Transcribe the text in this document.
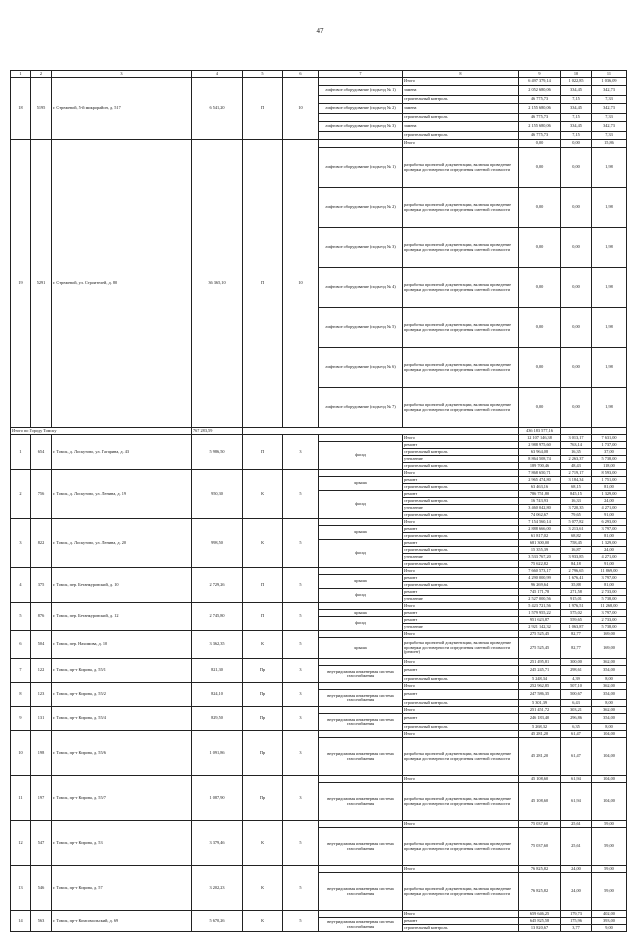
47
1	2	3	4	5	6	7	8	9	10	11
18	5195	г. Стрежевой, 5-й микрорайон, д. 517	6 541,20	П	10		Итого	6 497 379,14	1 022,85	1 036,09
						лифтовое оборудование (подъезд № 1)	замена	2 052 680,06	334,45	342,73
							строительный контроль	46 775,73	7,15	7,33
						лифтовое оборудование (подъезд № 2)	замена	2 155 680,06	334,45	342,73
							строительный контроль	46 775,73	7,15	7,33
						лифтовое оборудование (подъезд № 3)	замена	2 155 680,06	334,45	342,73
							строительный контроль	46 775,73	7,15	7,33
19	5291	г. Стрежевой, ул. Строителей, д. 80	36 365,10	П	10		Итого	0,00	0,00	15,86
						лифтовое оборудование (подъезд № 1)	разработка проектной документации, включая проведение проверки достоверности определения сметной стоимости	0,00	0,00	1,98
						лифтовое оборудование (подъезд № 2)	разработка проектной документации, включая проведение проверки достоверности определения сметной стоимости	0,00	0,00	1,98
						лифтовое оборудование (подъезд № 3)	разработка проектной документации, включая проведение проверки достоверности определения сметной стоимости	0,00	0,00	1,98
						лифтовое оборудование (подъезд № 4)	разработка проектной документации, включая проведение проверки достоверности определения сметной стоимости	0,00	0,00	1,98
						лифтовое оборудование (подъезд № 5)	разработка проектной документации, включая проведение проверки достоверности определения сметной стоимости	0,00	0,00	1,98
						лифтовое оборудование (подъезд № 6)	разработка проектной документации, включая проведение проверки достоверности определения сметной стоимости	0,00	0,00	1,98
						лифтовое оборудование (подъезд № 7)	разработка проектной документации, включая проведение проверки достоверности определения сметной стоимости	0,00	0,00	1,98
Итого по Городу Томску			767 283,59					436 183 577,16		
1	654	г. Томск, д. Лоскутово, ул. Гагарина, д. 43	5 986,50	П	3		Итого	12 107 146,38	3 013,17	7 631,00
						фасад	ремонт	2 988 975,60	763,14	1 737,00
							строительный контроль	63 964,08	16,35	37,00
							утепление	8 864 508,74	2 263,37	5 738,00
							строительный контроль	189 700,46	48,43	118,00
2	756	г. Томск, д. Лоскутово, ул. Ленина, д. 19	950,30	К	5		Итого	7 868 650,71	2 719,17	8 593,00
						крыша	ремонт	2 965 474,80	3 184,34	1 751,00
							строительный контроль	63 463,16	68,15	81,00
						фасад	ремонт	786 751,80	845,15	1 329,00
							строительный контроль	16 743,93	16,33	24,00
							утепление	3 460 042,80	3 720,35	4 271,00
							строительный контроль	74 062,67	79,65	91,00
3	822	г. Томск, д. Лоскутово, ул. Ленина, д. 20	998,50	К	5		Итого	7 154 560,14	5 077,82	6 293,00
						крыша	ремонт	2 888 666,00	3 213,61	3 797,00
							строительный контроль	61 817,02	68,82	81,00
						фасад	ремонт	681 300,00	758,45	1 329,00
							строительный контроль	15 355,39	16,87	24,00
							утепление	3 533 767,20	3 933,85	4 271,00
							строительный контроль	75 622,82	84,18	91,00
4	375	г. Томск, пер. Бетанкуровский, д. 10	2 729,26	П	5		Итого	7 660 573,17	2 796,65	11 869,00
						крыша	ремонт	4 290 000,99	1 676,41	3 797,00
							строительный контроль	96 269,64	35,88	81,00
						фасад	ремонт	745 171,78	271,58	2 733,00
							утепление	2 527 000,56	915,01	5 738,00
5	876	г. Томск, пер. Бетанкуровский, д. 12	2 745,80	П	5		Итого	5 423 721,56	1 976,51	11 268,00
						крыша	ремонт	1 579 955,22	575,02	3 797,00
						фасад	ремонт	951 623,87	559,65	2 733,00
							утепление	2 921 142,32	1 063,87	5 738,00
6	504	г. Томск, пер. Нахимова, д. 10	3 362,35	К	5		Итого	275 525,45	82,77	169,00
						крыша	разработка проектной документации, включая проведение проверки достоверности определения сметной стоимости (ремонт)	275 525,45	82,77	169,00
7	122	г. Томск, пр-т Кирова, д. 55/1	821,30	Пр	3		Итого	251 495,81	300,00	362,00
						внутридомовая инженерная система газоснабжения	ремонт	245 245,71	298,61	354,00
							строительный контроль	5 248,34	4,39	8,00
8	123	г. Томск, пр-т Кирова, д. 55/2	824,10	Пр	3		Итого	252 962,85	507,10	362,00
						внутридомовая инженерная система газоснабжения	ремонт	247 586,35	500,67	354,00
							строительный контроль	5 301,39	6,43	8,00
9	131	г. Томск, пр-т Кирова, д. 55/4	829,50	Пр	3		Итого	251 451,72	303,21	362,00
						внутридомовая инженерная система газоснабжения	ремонт	246 183,40	296,86	354,00
							строительный контроль	5 268,32	6,35	8,00
10	198	г. Томск, пр-т Кирова, д. 55/6	1 091,86	Пр	3		Итого	45 281,20	61,47	104,00
						внутридомовая инженерная система газоснабжения	разработка проектной документации, включая проведение проверки достоверности определения сметной стоимости	45 281,20	61,47	104,00
11	197	г. Томск, пр-т Кирова, д. 55/7	1 087,90	Пр	3		Итого	45 108,60	61,94	104,00
						внутридомовая инженерная система газоснабжения	разработка проектной документации, включая проведение проверки достоверности определения сметной стоимости	45 108,60	61,94	104,00
12	547	г. Томск, пр-т Кирова, д. 53	3 379,46	К	5		Итого	75 037,60	25,61	59,00
						внутридомовая инженерная система газоснабжения	разработка проектной документации, включая проведение проверки достоверности определения сметной стоимости	75 037,60	25,61	59,00
13	546	г. Томск, пр-т Кирова, д. 57	3 202,23	К	5		Итого	76 825,82	24,00	59,00
						внутридомовая инженерная система газоснабжения	разработка проектной документации, включая проведение проверки достоверности определения сметной стоимости	76 825,82	24,00	59,00
14	563	г. Томск, пр-т Комсомольский, д. 69	5 670,26	К	5		Итого	659 646,25	179,73	402,00
						внутридомовая инженерная система газоснабжения	ремонт	645 825,58	175,96	393,00
							строительный контроль	13 820,67	3,77	9,00
